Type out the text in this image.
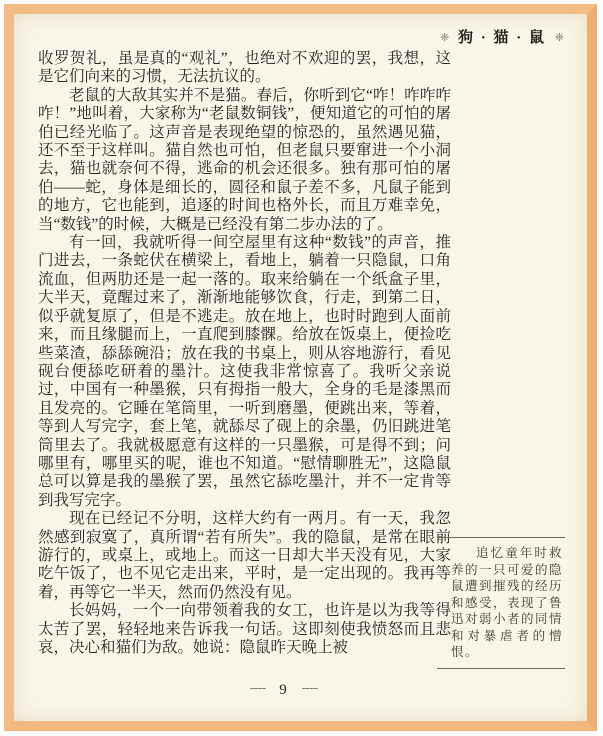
❈ 狗 · 猫 · 鼠 ❈

收罗贺礼，虽是真的“观礼”，也绝对不欢迎的罢，我想，这是它们向来的习惯，无法抗议的。

老鼠的大敌其实并不是猫。春后，你听到它“咋！咋咋咋咋！”地叫着，大家称为“老鼠数铜钱”，便知道它的可怕的屠伯已经光临了。这声音是表现绝望的惊恐的，虽然遇见猫，还不至于这样叫。猫自然也可怕，但老鼠只要窜进一个小洞去，猫也就奈何不得，逃命的机会还很多。独有那可怕的屠伯——蛇，身体是细长的，圆径和鼠子差不多，凡鼠子能到的地方，它也能到，追逐的时间也格外长，而且万难幸免，当“数钱”的时候，大概是已经没有第二步办法的了。

有一回，我就听得一间空屋里有这种“数钱”的声音，推门进去，一条蛇伏在横梁上，看地上，躺着一只隐鼠，口角流血，但两肋还是一起一落的。取来给躺在一个纸盒子里，大半天，竟醒过来了，渐渐地能够饮食，行走，到第二日，似乎就复原了，但是不逃走。放在地上，也时时跑到人面前来，而且缘腿而上，一直爬到膝髁。给放在饭桌上，便捡吃些菜渣，舔舔碗沿；放在我的书桌上，则从容地游行，看见砚台便舔吃研着的墨汁。这使我非常惊喜了。我听父亲说过，中国有一种墨猴，只有拇指一般大，全身的毛是漆黑而且发亮的。它睡在笔筒里，一听到磨墨，便跳出来，等着，等到人写完字，套上笔，就舔尽了砚上的余墨，仍旧跳进笔筒里去了。我就极愿意有这样的一只墨猴，可是得不到；问哪里有，哪里买的呢，谁也不知道。“慰情聊胜无”，这隐鼠总可以算是我的墨猴了罢，虽然它舔吃墨汁，并不一定肯等到我写完字。

现在已经记不分明，这样大约有一两月。有一天，我忽然感到寂寞了，真所谓“若有所失”。我的隐鼠，是常在眼前游行的，或桌上，或地上。而这一日却大半天没有见，大家吃午饭了，也不见它走出来，平时，是一定出现的。我再等着，再等它一半天，然而仍然没有见。

长妈妈，一个一向带领着我的女工，也许是以为我等得太苦了罢，轻轻地来告诉我一句话。这即刻使我愤怒而且悲哀，决心和猫们为敌。她说：隐鼠昨天晚上被

追忆童年时救养的一只可爱的隐鼠遭到摧残的经历和感受，表现了鲁迅对弱小者的同情和对暴虐者的憎恨。

∽∽ 9 ∽∽
